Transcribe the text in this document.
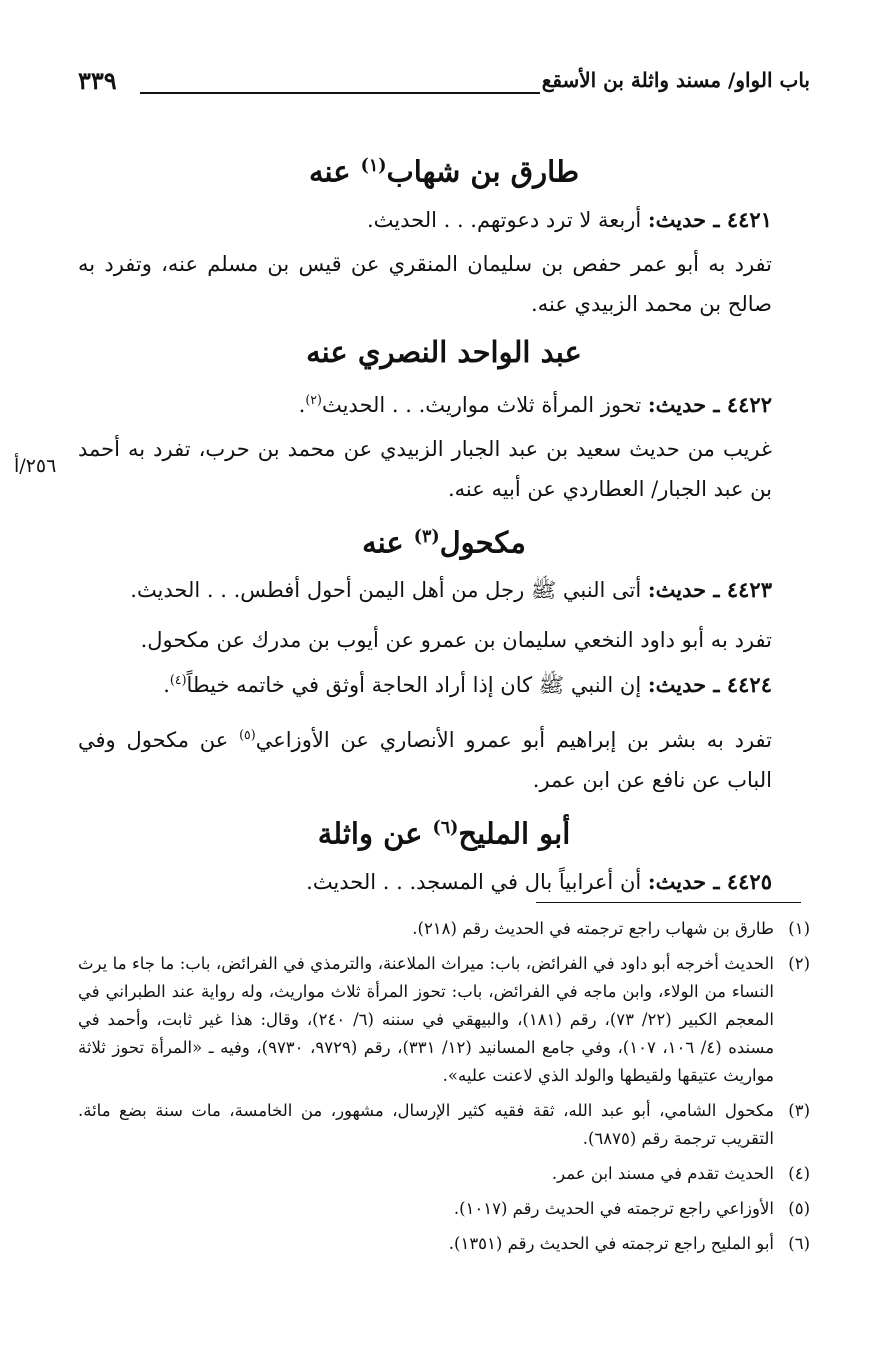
باب الواو/ مسند واثلة بن الأسقع
٣٣٩
٢٥٦/أ
طارق بن شهاب$^{(١)}$ عنه

٤٤٢١ ـ حديث: أربعة لا ترد دعوتهم. . . الحديث.

تفرد به أبو عمر حفص بن سليمان المنقري عن قيس بن مسلم عنه، وتفرد به صالح بن محمد الزبيدي عنه.

عبد الواحد النصري عنه

٤٤٢٢ ـ حديث: تحوز المرأة ثلاث مواريث. . . الحديث$^{(٢)}$.

غريب من حديث سعيد بن عبد الجبار الزبيدي عن محمد بن حرب، تفرد به أحمد بن عبد الجبار/ العطاردي عن أبيه عنه.

مكحول$^{(٣)}$ عنه

٤٤٢٣ ـ حديث: أتى النبي ﷺ رجل من أهل اليمن أحول أفطس. . . الحديث.

تفرد به أبو داود النخعي سليمان بن عمرو عن أيوب بن مدرك عن مكحول.

٤٤٢٤ ـ حديث: إن النبي ﷺ كان إذا أراد الحاجة أوثق في خاتمه خيطاً$^{(٤)}$.

تفرد به بشر بن إبراهيم أبو عمرو الأنصاري عن الأوزاعي$^{(٥)}$ عن مكحول وفي الباب عن نافع عن ابن عمر.

أبو المليح$^{(٦)}$ عن واثلة

٤٤٢٥ ـ حديث: أن أعرابياً بال في المسجد. . . الحديث.

(١)
طارق بن شهاب راجع ترجمته في الحديث رقم (٢١٨).
(٢)
الحديث أخرجه أبو داود في الفرائض، باب: ميراث الملاعنة، والترمذي في الفرائض، باب: ما جاء ما يرث النساء من الولاء، وابن ماجه في الفرائض، باب: تحوز المرأة ثلاث مواريث، وله رواية عند الطبراني في المعجم الكبير (٢٢/ ٧٣)، رقم (١٨١)، والبيهقي في سننه (٦/ ٢٤٠)، وقال: هذا غير ثابت، وأحمد في مسنده (٤/ ١٠٦، ١٠٧)، وفي جامع المسانيد (١٢/ ٣٣١)، رقم (٩٧٢٩، ٩٧٣٠)، وفيه ـ «المرأة تحوز ثلاثة مواريث عتيقها ولقيطها والولد الذي لاعنت عليه».
(٣)
مكحول الشامي، أبو عبد الله، ثقة فقيه كثير الإرسال، مشهور، من الخامسة، مات سنة بضع مائة. التقريب ترجمة رقم (٦٨٧٥).
(٤)
الحديث تقدم في مسند ابن عمر.
(٥)
الأوزاعي راجع ترجمته في الحديث رقم (١٠١٧).
(٦)
أبو المليح راجع ترجمته في الحديث رقم (١٣٥١).
